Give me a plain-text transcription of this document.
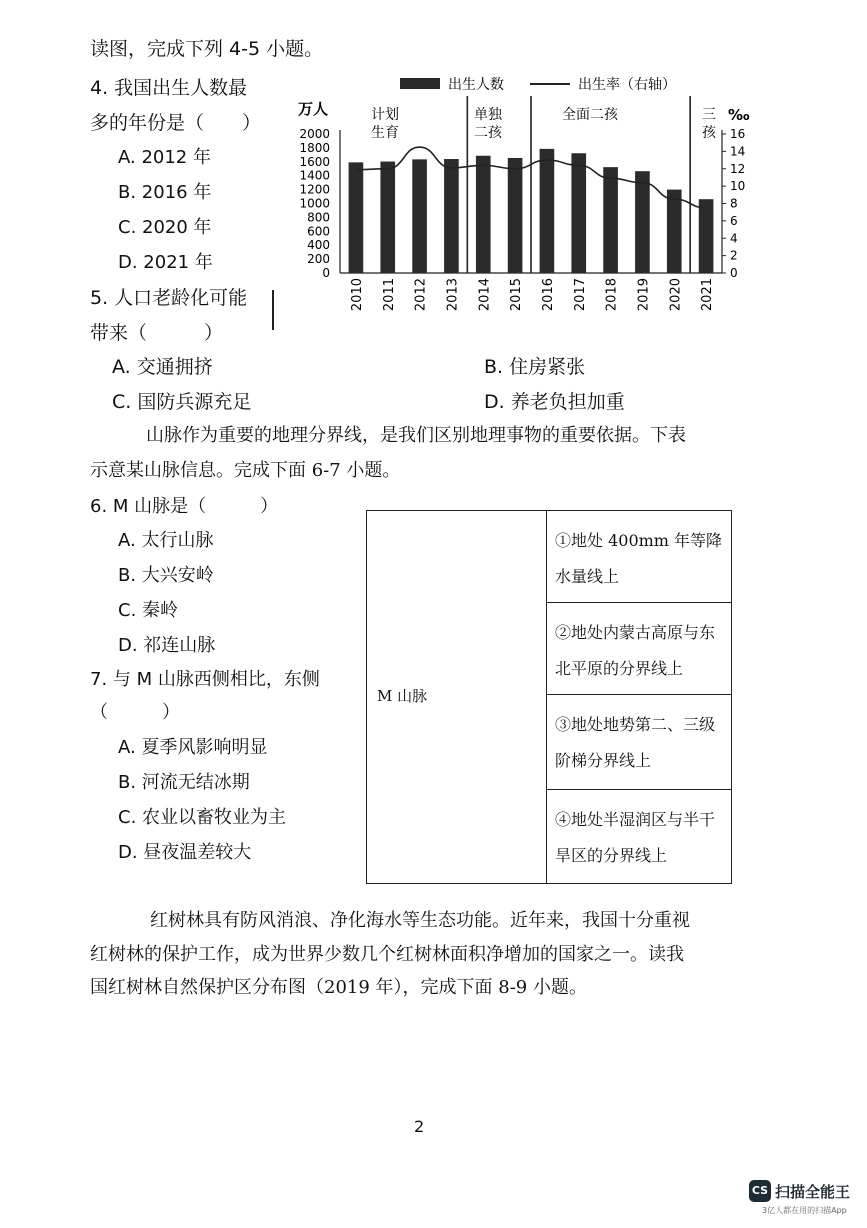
读图，完成下列 4-5 小题。
4. 我国出生人数最
多的年份是（　　）
A. 2012 年
B. 2016 年
C. 2020 年
D. 2021 年
5. 人口老龄化可能
带来（　　　）
A. 交通拥挤	B. 住房紧张
C. 国防兵源充足	D. 养老负担加重
2000
1800
1600
1400
1200
1000
800
600
400
200
0
16
14
12
10
8
6
4
2
0
万人	‰
出生人数	出生率（右轴）
计划
生育
单独
二孩
全面二孩	三
孩
2010 2011 2012 2013 2014 2015 2016 2017 2018 2019 2020 2021
山脉作为重要的地理分界线，是我们区别地理事物的重要依据。下表
示意某山脉信息。完成下面 6-7 小题。
6. M 山脉是（　　　）
A. 太行山脉
B. 大兴安岭
C. 秦岭
D. 祁连山脉
7. 与 M 山脉西侧相比，东侧
（　　　）
A. 夏季风影响明显
B. 河流无结冰期
C. 农业以畜牧业为主
D. 昼夜温差较大
M 山脉
①地处 400mm 年等降水量线上
②地处内蒙古高原与东北平原的分界线上
③地处地势第二、三级阶梯分界线上
④地处半湿润区与半干旱区的分界线上
红树林具有防风消浪、净化海水等生态功能。近年来，我国十分重视
红树林的保护工作，成为世界少数几个红树林面积净增加的国家之一。读我
国红树林自然保护区分布图（2019 年），完成下面 8-9 小题。
2
CS 扫描全能王
3亿人都在用的扫描App
